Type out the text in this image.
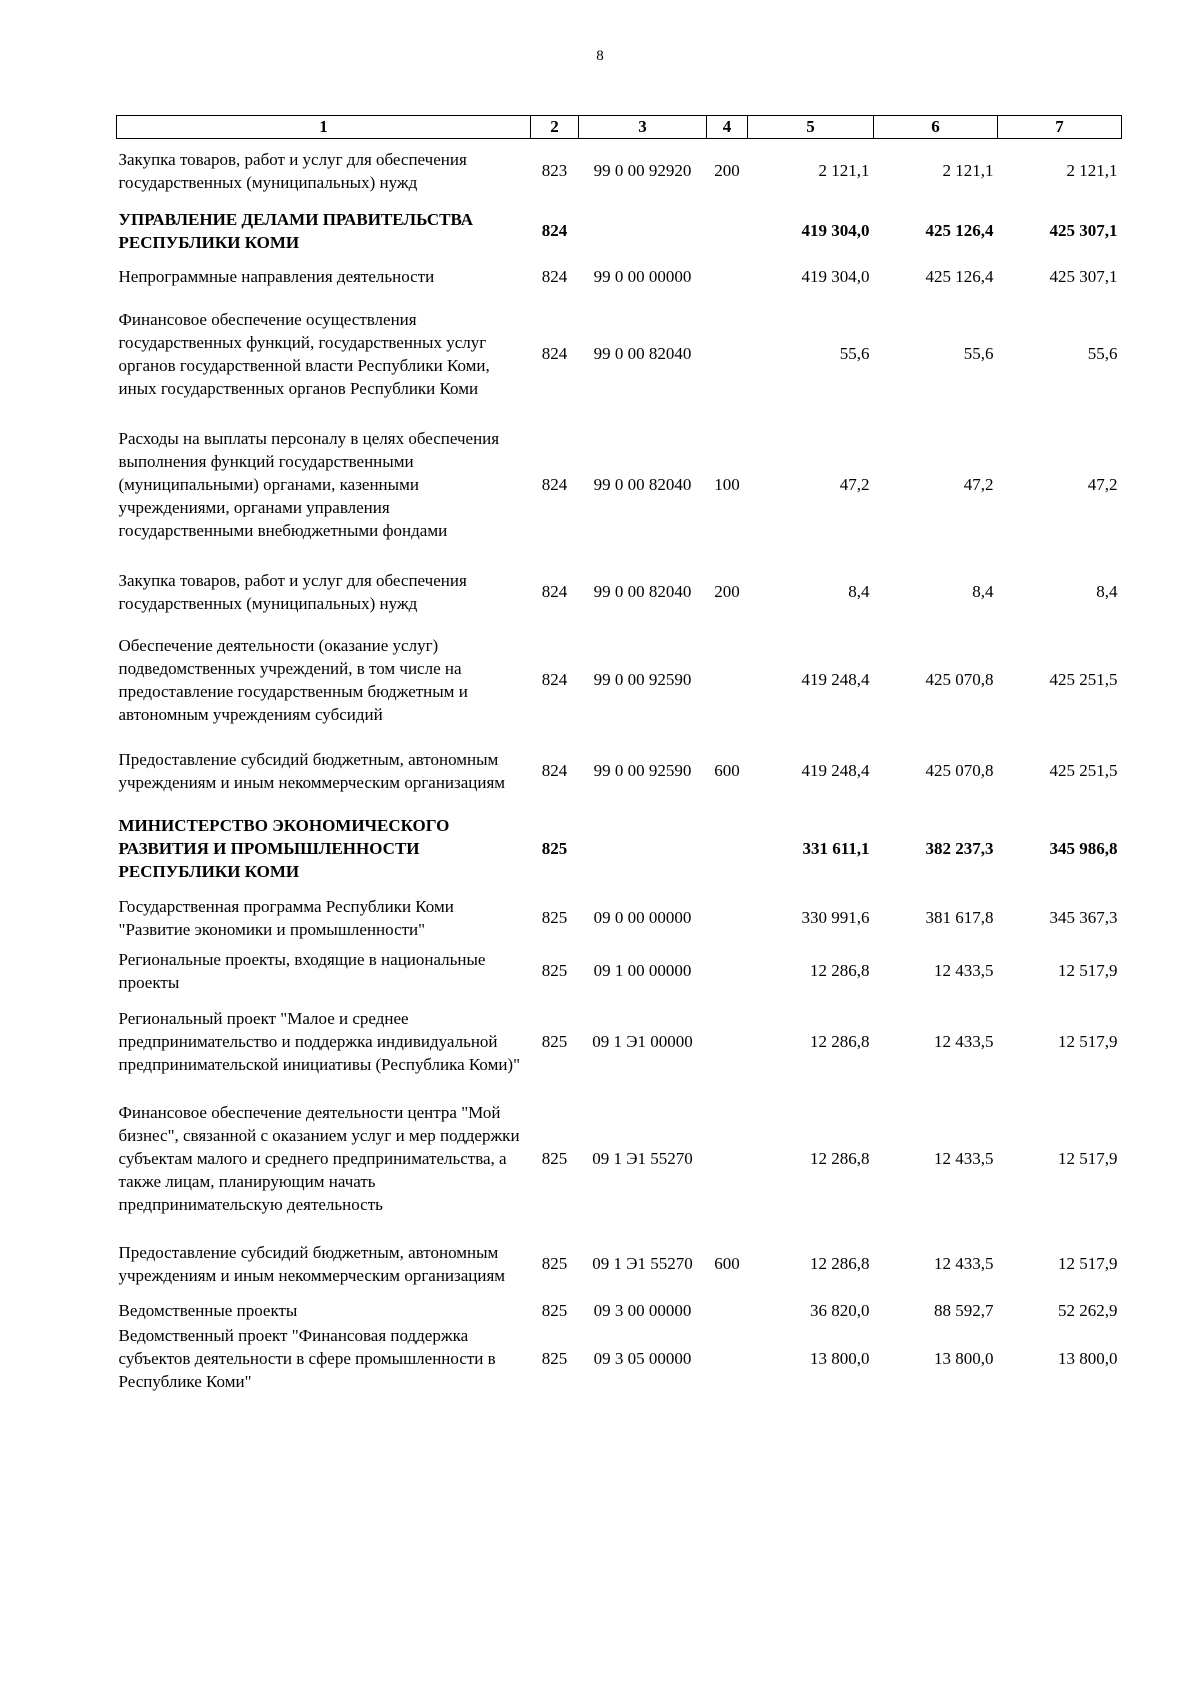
8
1	2	3	4	5	6	7
Закупка товаров, работ и услуг для обеспечения государственных (муниципальных) нужд	823	99 0 00 92920	200	2 121,1	2 121,1	2 121,1
УПРАВЛЕНИЕ ДЕЛАМИ ПРАВИТЕЛЬСТВА РЕСПУБЛИКИ КОМИ	824			419 304,0	425 126,4	425 307,1
Непрограммные направления деятельности	824	99 0 00 00000		419 304,0	425 126,4	425 307,1
Финансовое обеспечение осуществления государственных функций, государственных услуг органов государственной власти Республики Коми, иных государственных органов Республики Коми	824	99 0 00 82040		55,6	55,6	55,6
Расходы на выплаты персоналу в целях обеспечения выполнения функций государственными (муниципальными) органами, казенными учреждениями, органами управления государственными внебюджетными фондами	824	99 0 00 82040	100	47,2	47,2	47,2
Закупка товаров, работ и услуг для обеспечения государственных (муниципальных) нужд	824	99 0 00 82040	200	8,4	8,4	8,4
Обеспечение деятельности (оказание услуг) подведомственных учреждений, в том числе на предоставление государственным бюджетным и автономным учреждениям субсидий	824	99 0 00 92590		419 248,4	425 070,8	425 251,5
Предоставление субсидий бюджетным, автономным учреждениям и иным некоммерческим организациям	824	99 0 00 92590	600	419 248,4	425 070,8	425 251,5
МИНИСТЕРСТВО ЭКОНОМИЧЕСКОГО РАЗВИТИЯ И ПРОМЫШЛЕННОСТИ РЕСПУБЛИКИ КОМИ	825			331 611,1	382 237,3	345 986,8
Государственная программа Республики Коми "Развитие экономики и промышленности"	825	09 0 00 00000		330 991,6	381 617,8	345 367,3
Региональные проекты, входящие в национальные проекты	825	09 1 00 00000		12 286,8	12 433,5	12 517,9
Региональный проект "Малое и среднее предпринимательство и поддержка индивидуальной предпринимательской инициативы (Республика Коми)"	825	09 1 Э1 00000		12 286,8	12 433,5	12 517,9
Финансовое обеспечение деятельности центра "Мой бизнес", связанной с оказанием услуг и мер поддержки субъектам малого и среднего предпринимательства, а также лицам, планирующим начать предпринимательскую деятельность	825	09 1 Э1 55270		12 286,8	12 433,5	12 517,9
Предоставление субсидий бюджетным, автономным учреждениям и иным некоммерческим организациям	825	09 1 Э1 55270	600	12 286,8	12 433,5	12 517,9
Ведомственные проекты	825	09 3 00 00000		36 820,0	88 592,7	52 262,9
Ведомственный проект "Финансовая поддержка субъектов деятельности в сфере промышленности в Республике Коми"	825	09 3 05 00000		13 800,0	13 800,0	13 800,0
